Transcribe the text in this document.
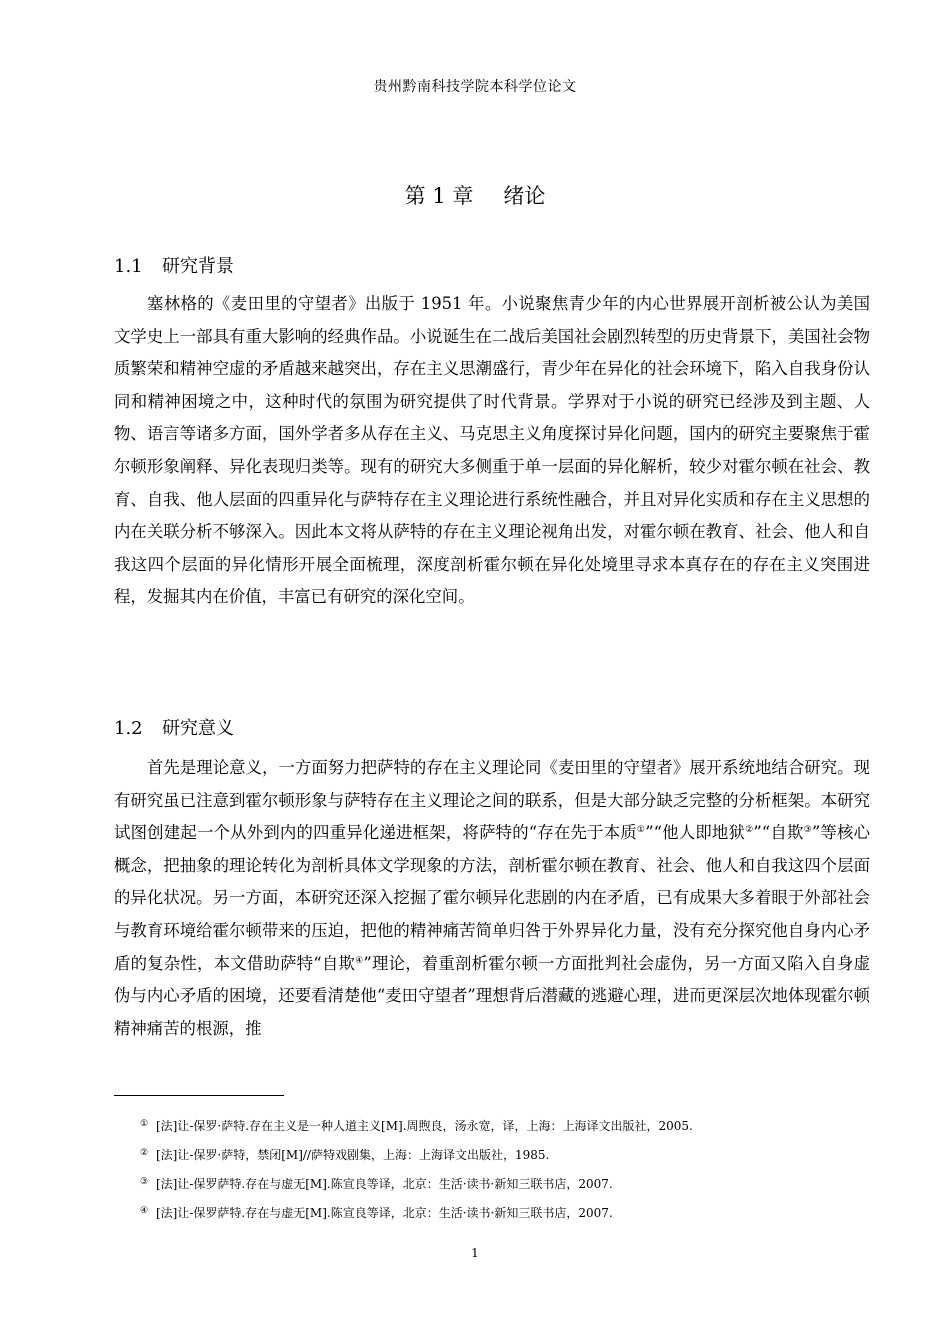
贵州黔南科技学院本科学位论文
第 1 章 绪论
1.1 研究背景

塞林格的《麦田里的守望者》出版于 1951 年。小说聚焦青少年的内心世界展开剖析被公认为美国文学史上一部具有重大影响的经典作品。小说诞生在二战后美国社会剧烈转型的历史背景下，美国社会物质繁荣和精神空虚的矛盾越来越突出，存在主义思潮盛行，青少年在异化的社会环境下，陷入自我身份认同和精神困境之中，这种时代的氛围为研究提供了时代背景。学界对于小说的研究已经涉及到主题、人物、语言等诸多方面，国外学者多从存在主义、马克思主义角度探讨异化问题，国内的研究主要聚焦于霍尔顿形象阐释、异化表现归类等。现有的研究大多侧重于单一层面的异化解析，较少对霍尔顿在社会、教育、自我、他人层面的四重异化与萨特存在主义理论进行系统性融合，并且对异化实质和存在主义思想的内在关联分析不够深入。因此本文将从萨特的存在主义理论视角出发，对霍尔顿在教育、社会、他人和自我这四个层面的异化情形开展全面梳理，深度剖析霍尔顿在异化处境里寻求本真存在的存在主义突围进程，发掘其内在价值，丰富已有研究的深化空间。

1.2 研究意义

首先是理论意义，一方面努力把萨特的存在主义理论同《麦田里的守望者》展开系统地结合研究。现有研究虽已注意到霍尔顿形象与萨特存在主义理论之间的联系，但是大部分缺乏完整的分析框架。本研究试图创建起一个从外到内的四重异化递进框架，将萨特的“存在先于本质①”“他人即地狱②”“自欺③”等核心概念，把抽象的理论转化为剖析具体文学现象的方法，剖析霍尔顿在教育、社会、他人和自我这四个层面的异化状况。另一方面，本研究还深入挖掘了霍尔顿异化悲剧的内在矛盾，已有成果大多着眼于外部社会与教育环境给霍尔顿带来的压迫，把他的精神痛苦简单归咎于外界异化力量，没有充分探究他自身内心矛盾的复杂性，本文借助萨特“自欺④”理论，着重剖析霍尔顿一方面批判社会虚伪，另一方面又陷入自身虚伪与内心矛盾的困境，还要看清楚他“麦田守望者”理想背后潜藏的逃避心理，进而更深层次地体现霍尔顿精神痛苦的根源，推

① [法]让-保罗·萨特.存在主义是一种人道主义[M].周煦良，汤永宽，译，上海：上海译文出版社，2005.
② [法]让-保罗·萨特，禁闭[M]//萨特戏剧集，上海：上海译文出版社，1985.
③ [法]让-保罗萨特.存在与虚无[M].陈宣良等译，北京：生活·读书·新知三联书店，2007.
④ [法]让-保罗萨特.存在与虚无[M].陈宣良等译，北京：生活·读书·新知三联书店，2007.
1
